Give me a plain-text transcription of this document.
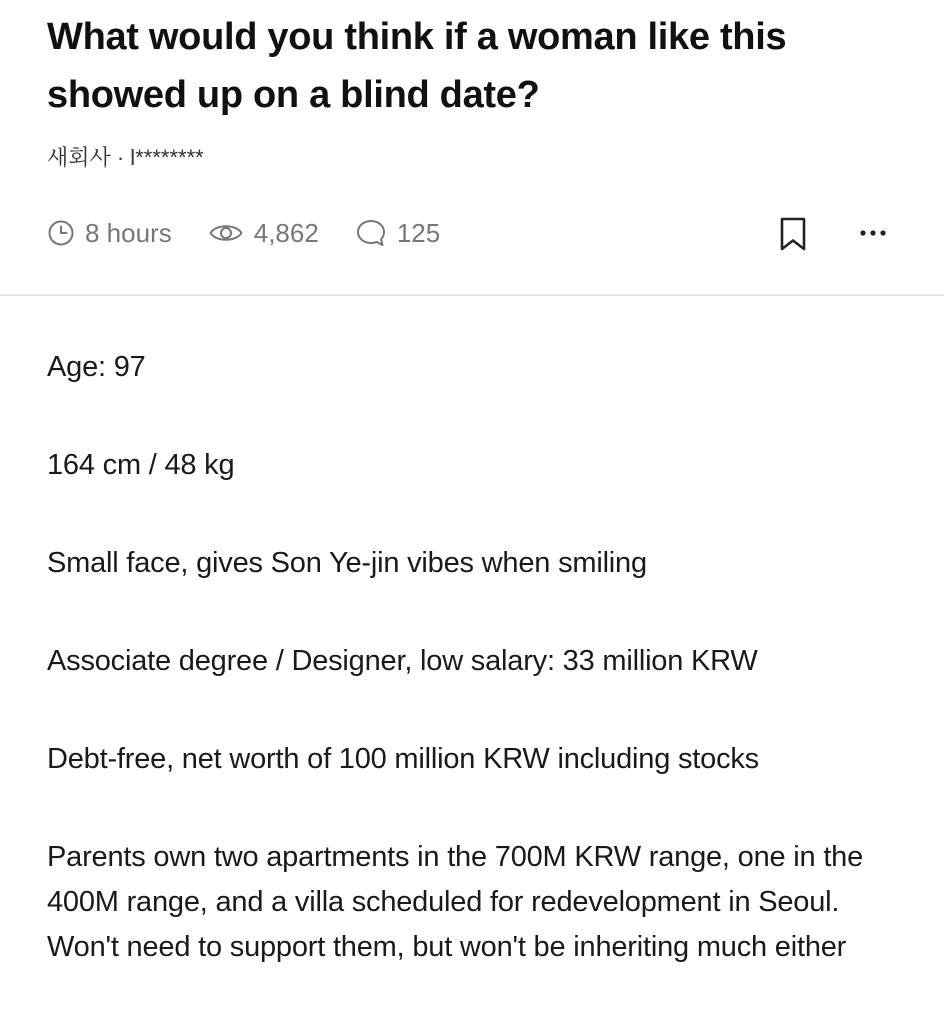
What would you think if a woman like this showed up on a blind date?
새회사 · l********
8 hours	4,862	125

Age: 97

164 cm / 48 kg

Small face, gives Son Ye-jin vibes when smiling

Associate degree / Designer, low salary: 33 million KRW

Debt-free, net worth of 100 million KRW including stocks

Parents own two apartments in the 700M KRW range, one in the 400M range, and a villa scheduled for redevelopment in Seoul. Won't need to support them, but won't be inheriting much either
